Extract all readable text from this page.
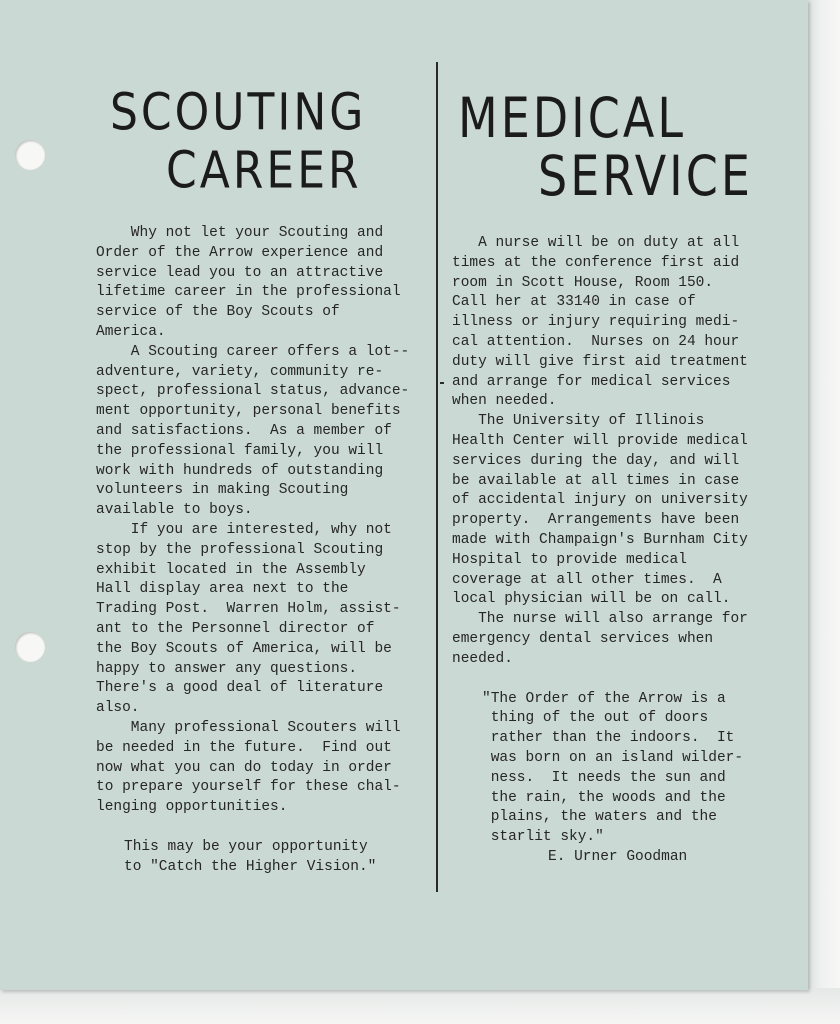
SCOUTING
CAREER

Why not let your Scouting and
Order of the Arrow experience and
service lead you to an attractive
lifetime career in the professional
service of the Boy Scouts of
America.
A Scouting career offers a lot--
adventure, variety, community re-
spect, professional status, advance-
ment opportunity, personal benefits
and satisfactions.  As a member of
the professional family, you will
work with hundreds of outstanding
volunteers in making Scouting
available to boys.
If you are interested, why not
stop by the professional Scouting
exhibit located in the Assembly
Hall display area next to the
Trading Post.  Warren Holm, assist-
ant to the Personnel director of
the Boy Scouts of America, will be
happy to answer any questions.
There's a good deal of literature
also.
Many professional Scouters will
be needed in the future.  Find out
now what you can do today in order
to prepare yourself for these chal-
lenging opportunities.

This may be your opportunity
to "Catch the Higher Vision."

MEDICAL
SERVICE

A nurse will be on duty at all
times at the conference first aid
room in Scott House, Room 150.
Call her at 33140 in case of
illness or injury requiring medi-
cal attention.  Nurses on 24 hour
duty will give first aid treatment
and arrange for medical services
when needed.
The University of Illinois
Health Center will provide medical
services during the day, and will
be available at all times in case
of accidental injury on university
property.  Arrangements have been
made with Champaign's Burnham City
Hospital to provide medical
coverage at all other times.  A
local physician will be on call.
The nurse will also arrange for
emergency dental services when
needed.

"The Order of the Arrow is a
thing of the out of doors
rather than the indoors.  It
was born on an island wilder-
ness.  It needs the sun and
the rain, the woods and the
plains, the waters and the
starlit sky."

E. Urner Goodman
